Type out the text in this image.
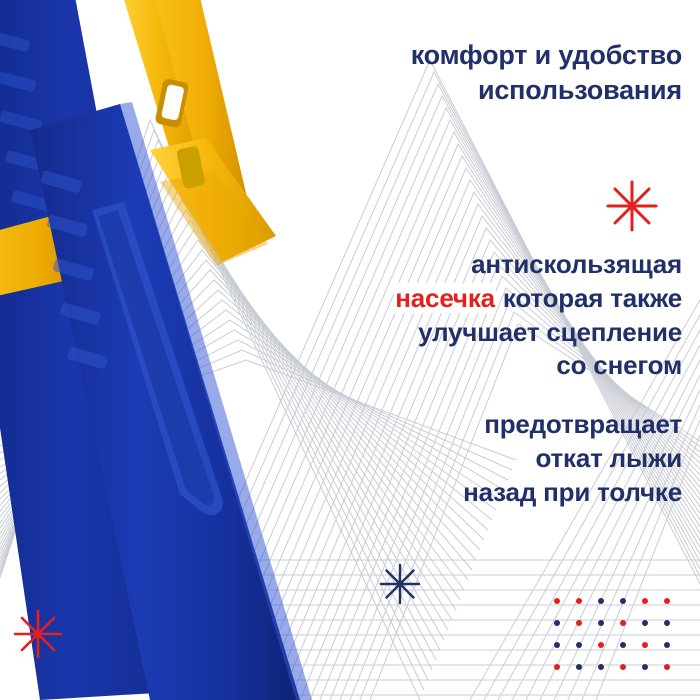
комфорт и удобство
использования
антискользящая
насечка которая также
улучшает сцепление
со снегом
предотвращает
откат лыжи
назад при толчке
